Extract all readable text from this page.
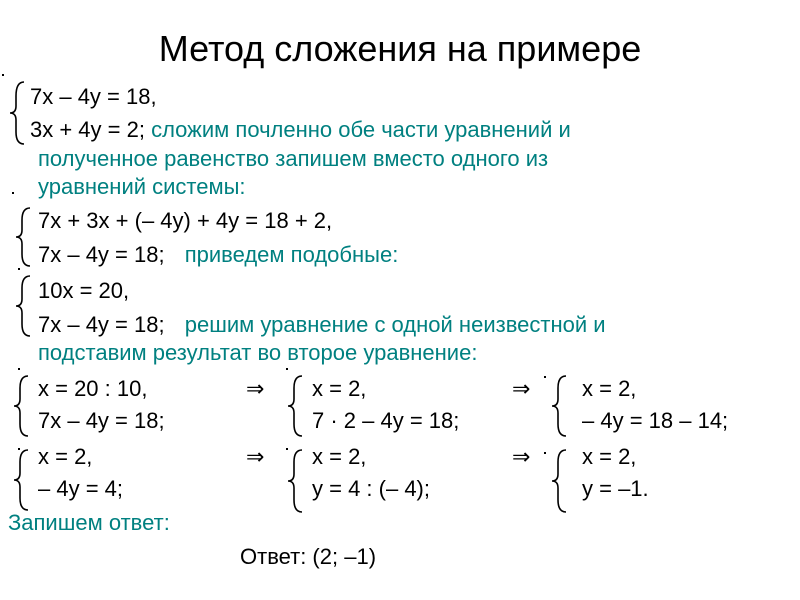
Метод сложения на примере
7x – 4y = 18,
3x + 4y = 2; сложим почленно обе части уравнений и
полученное равенство запишем вместо одного из
уравнений системы:
7x + 3x + (– 4y) + 4y = 18 + 2,
7x – 4y = 18; приведем подобные:
10x = 20,
7x – 4y = 18; решим уравнение с одной неизвестной и
подставим результат во второе уравнение:
x = 20 : 10,
7x – 4y = 18;
⇒ x = 2,
7 · 2 – 4y = 18;
⇒ x = 2,
– 4y = 18 – 14;
x = 2,
– 4y = 4;
⇒ x = 2,
y = 4 : (– 4);
⇒ x = 2,
y = –1.
Запишем ответ:
Ответ: (2; –1)
